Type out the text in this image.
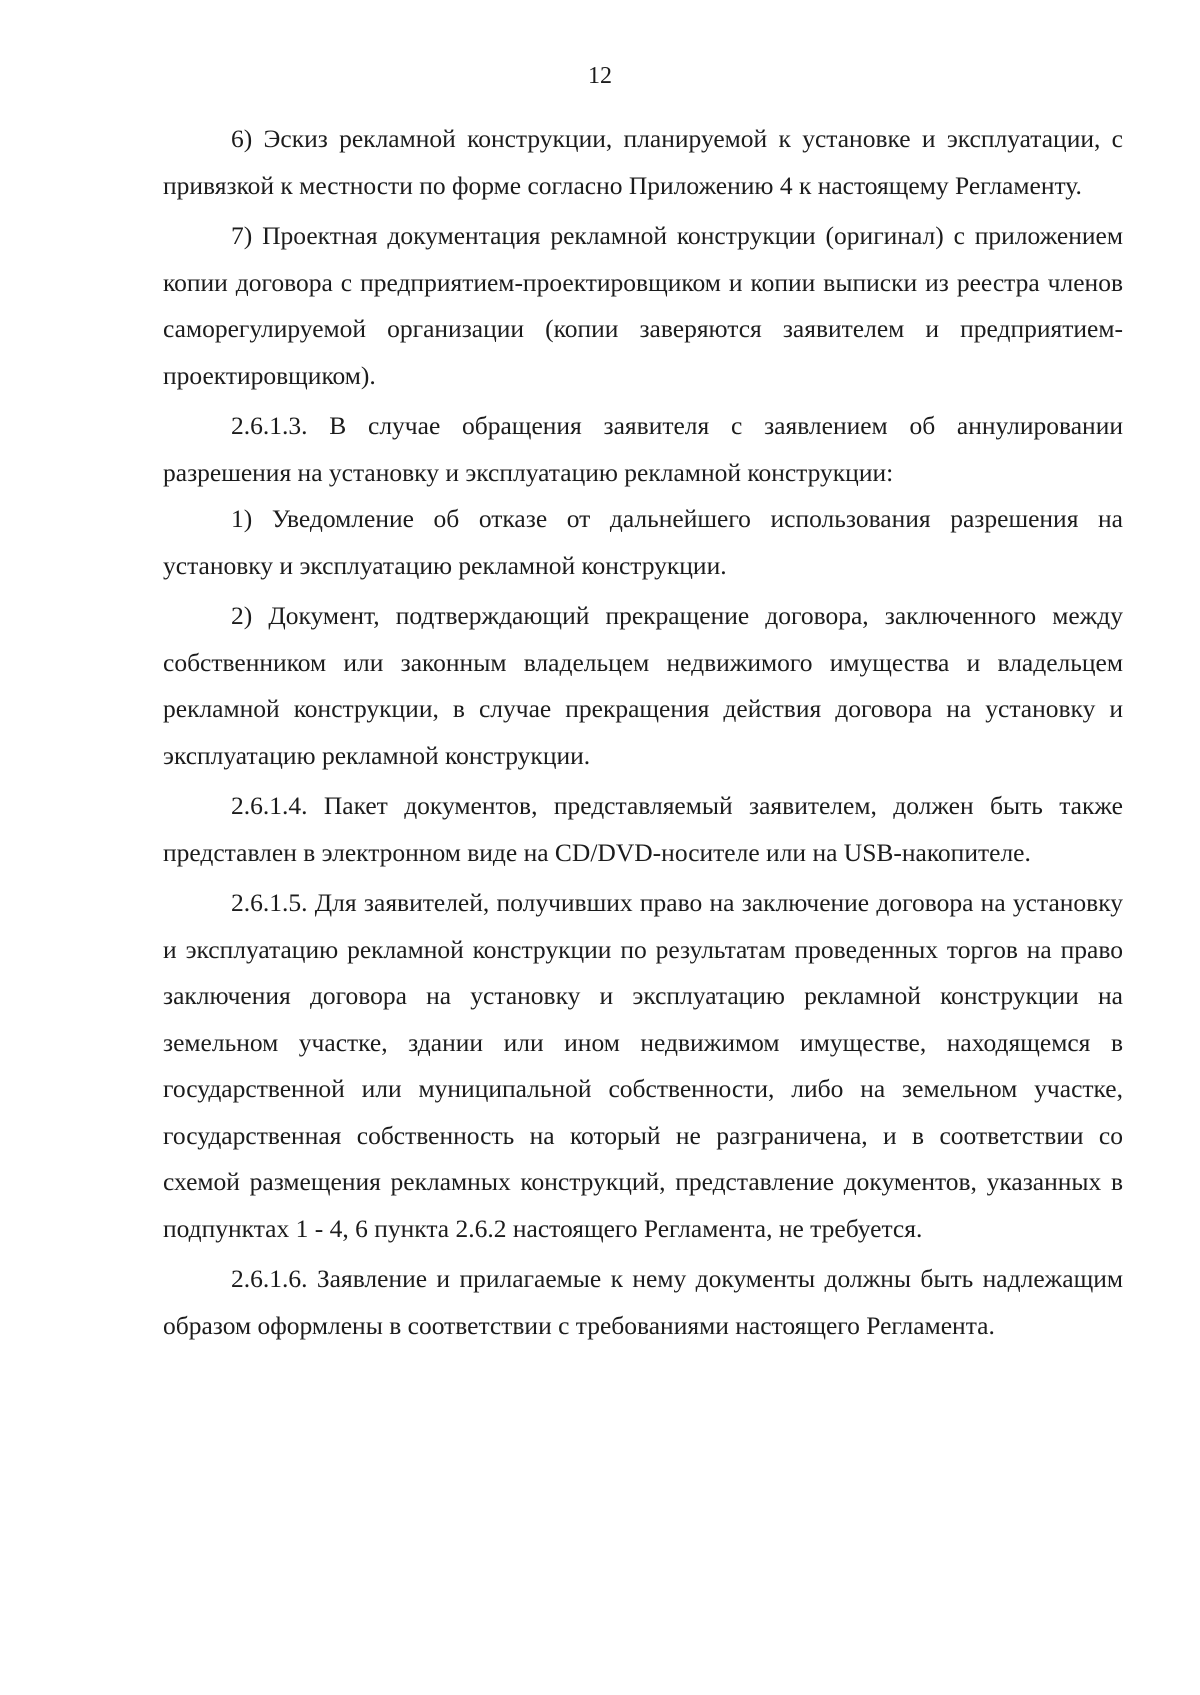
12

6) Эскиз рекламной конструкции, планируемой к установке и эксплуатации, с привязкой к местности по форме согласно Приложению 4 к настоящему Регламенту.

7) Проектная документация рекламной конструкции (оригинал) с приложением копии договора с предприятием-проектировщиком и копии выписки из реестра членов саморегулируемой организации (копии заверяются заявителем и предприятием-проектировщиком).

2.6.1.3. В случае обращения заявителя с заявлением об аннулировании разрешения на установку и эксплуатацию рекламной конструкции:

1) Уведомление об отказе от дальнейшего использования разрешения на установку и эксплуатацию рекламной конструкции.

2) Документ, подтверждающий прекращение договора, заключенного между собственником или законным владельцем недвижимого имущества и владельцем рекламной конструкции, в случае прекращения действия договора на установку и эксплуатацию рекламной конструкции.

2.6.1.4. Пакет документов, представляемый заявителем, должен быть также представлен в электронном виде на CD/DVD-носителе или на USB-накопителе.

2.6.1.5. Для заявителей, получивших право на заключение договора на установку и эксплуатацию рекламной конструкции по результатам проведенных торгов на право заключения договора на установку и эксплуатацию рекламной конструкции на земельном участке, здании или ином недвижимом имуществе, находящемся в государственной или муниципальной собственности, либо на земельном участке, государственная собственность на который не разграничена, и в соответствии со схемой размещения рекламных конструкций, представление документов, указанных в подпунктах 1 - 4, 6 пункта 2.6.2 настоящего Регламента, не требуется.

2.6.1.6. Заявление и прилагаемые к нему документы должны быть надлежащим образом оформлены в соответствии с требованиями настоящего Регламента.
